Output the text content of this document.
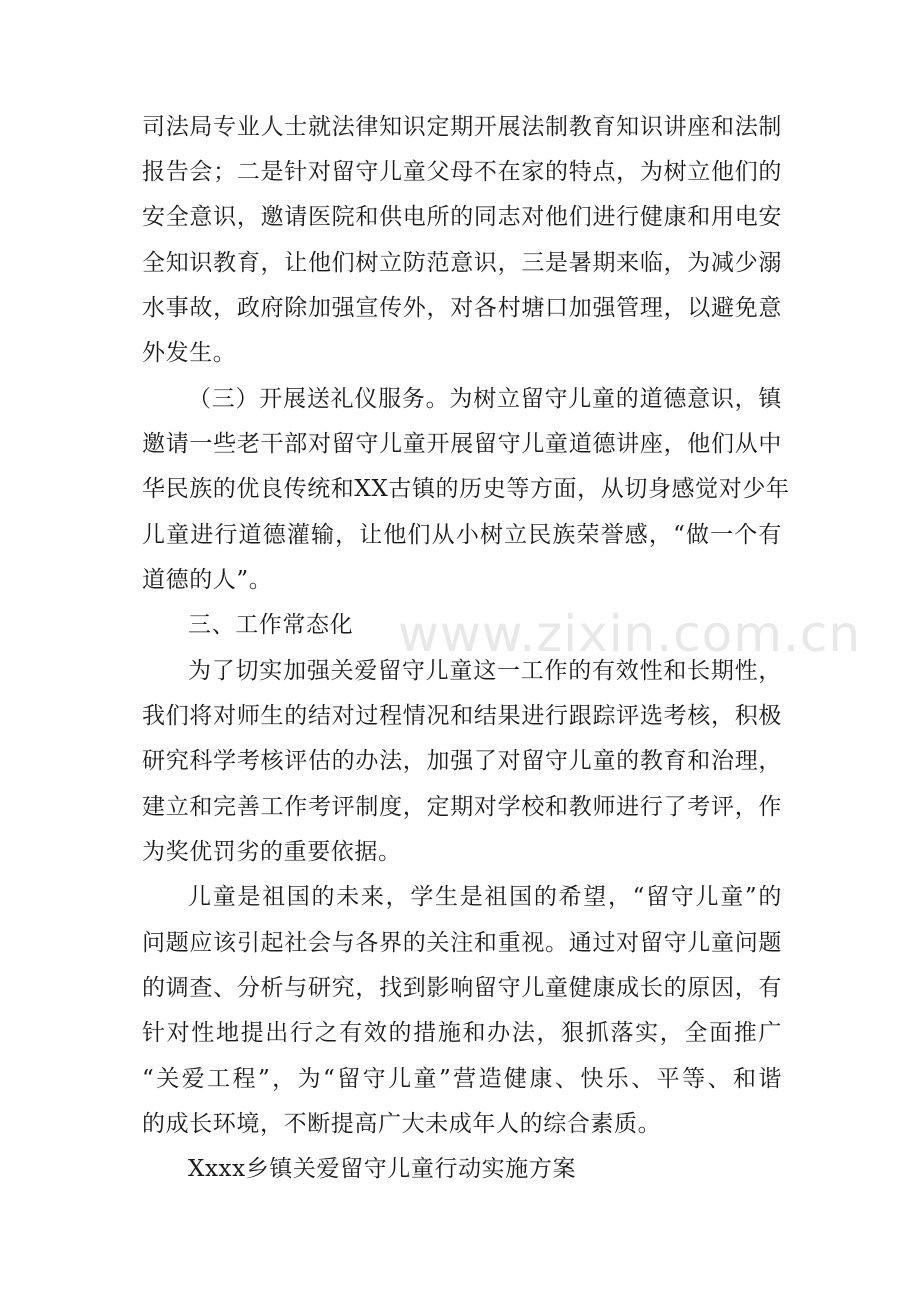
www.zixin.com.cn
司法局专业人士就法律知识定期开展法制教育知识讲座和法制
报告会；二是针对留守儿童父母不在家的特点，为树立他们的
安全意识，邀请医院和供电所的同志对他们进行健康和用电安
全知识教育，让他们树立防范意识，三是暑期来临，为减少溺
水事故，政府除加强宣传外，对各村塘口加强管理，以避免意
外发生。
（三）开展送礼仪服务。为树立留守儿童的道德意识，镇
邀请一些老干部对留守儿童开展留守儿童道德讲座，他们从中
华民族的优良传统和XX古镇的历史等方面，从切身感觉对少年
儿童进行道德灌输，让他们从小树立民族荣誉感，“做一个有
道德的人”。
三、工作常态化
为了切实加强关爱留守儿童这一工作的有效性和长期性，
我们将对师生的结对过程情况和结果进行跟踪评选考核，积极
研究科学考核评估的办法，加强了对留守儿童的教育和治理，
建立和完善工作考评制度，定期对学校和教师进行了考评，作
为奖优罚劣的重要依据。
儿童是祖国的未来，学生是祖国的希望，“留守儿童”的
问题应该引起社会与各界的关注和重视。通过对留守儿童问题
的调查、分析与研究，找到影响留守儿童健康成长的原因，有
针对性地提出行之有效的措施和办法，狠抓落实，全面推广
“关爱工程”，为“留守儿童”营造健康、快乐、平等、和谐
的成长环境，不断提高广大未成年人的综合素质。
Xxxx乡镇关爱留守儿童行动实施方案
